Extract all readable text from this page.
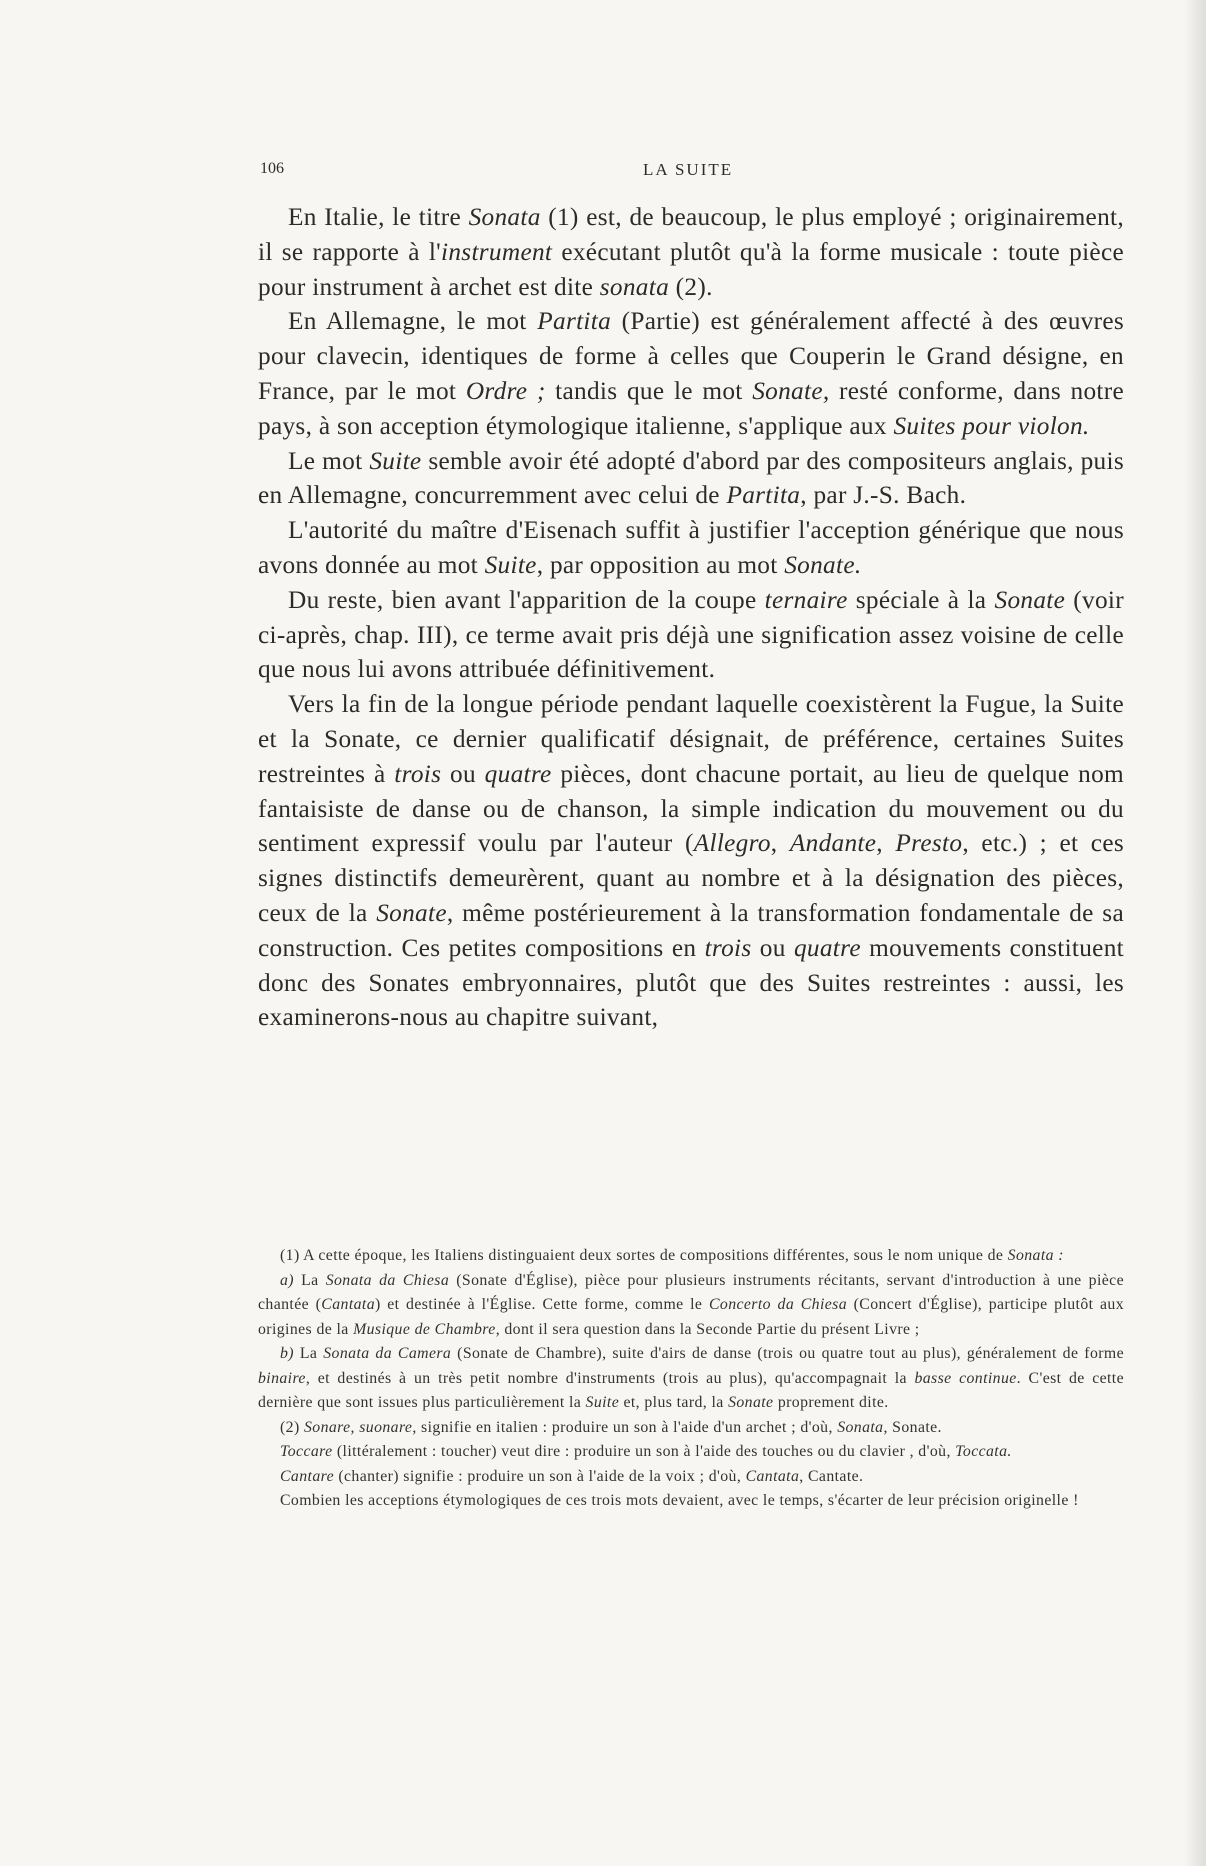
106	LA SUITE

En Italie, le titre Sonata (1) est, de beaucoup, le plus employé ; originairement, il se rapporte à l'instrument exécutant plutôt qu'à la forme musicale : toute pièce pour instrument à archet est dite sonata (2).

En Allemagne, le mot Partita (Partie) est généralement affecté à des œuvres pour clavecin, identiques de forme à celles que Couperin le Grand désigne, en France, par le mot Ordre ; tandis que le mot Sonate, resté conforme, dans notre pays, à son acception étymologique italienne, s'applique aux Suites pour violon.

Le mot Suite semble avoir été adopté d'abord par des compositeurs anglais, puis en Allemagne, concurremment avec celui de Partita, par J.-S. Bach.

L'autorité du maître d'Eisenach suffit à justifier l'acception générique que nous avons donnée au mot Suite, par opposition au mot Sonate.

Du reste, bien avant l'apparition de la coupe ternaire spéciale à la Sonate (voir ci-après, chap. III), ce terme avait pris déjà une signification assez voisine de celle que nous lui avons attribuée définitivement.

Vers la fin de la longue période pendant laquelle coexistèrent la Fugue, la Suite et la Sonate, ce dernier qualificatif désignait, de préférence, certaines Suites restreintes à trois ou quatre pièces, dont chacune portait, au lieu de quelque nom fantaisiste de danse ou de chanson, la simple indication du mouvement ou du sentiment expressif voulu par l'auteur (Allegro, Andante, Presto, etc.) ; et ces signes distinctifs demeurèrent, quant au nombre et à la désignation des pièces, ceux de la Sonate, même postérieurement à la transformation fondamentale de sa construction. Ces petites compositions en trois ou quatre mouvements constituent donc des Sonates embryonnaires, plutôt que des Suites restreintes : aussi, les examinerons-nous au chapitre suivant,

(1) A cette époque, les Italiens distinguaient deux sortes de compositions différentes, sous le nom unique de Sonata :

a) La Sonata da Chiesa (Sonate d'Église), pièce pour plusieurs instruments récitants, servant d'introduction à une pièce chantée (Cantata) et destinée à l'Église. Cette forme, comme le Concerto da Chiesa (Concert d'Église), participe plutôt aux origines de la Musique de Chambre, dont il sera question dans la Seconde Partie du présent Livre ;

b) La Sonata da Camera (Sonate de Chambre), suite d'airs de danse (trois ou quatre tout au plus), généralement de forme binaire, et destinés à un très petit nombre d'instruments (trois au plus), qu'accompagnait la basse continue. C'est de cette dernière que sont issues plus particulièrement la Suite et, plus tard, la Sonate proprement dite.

(2) Sonare, suonare, signifie en italien : produire un son à l'aide d'un archet ; d'où, Sonata, Sonate.

Toccare (littéralement : toucher) veut dire : produire un son à l'aide des touches ou du clavier , d'où, Toccata.

Cantare (chanter) signifie : produire un son à l'aide de la voix ; d'où, Cantata, Cantate.

Combien les acceptions étymologiques de ces trois mots devaient, avec le temps, s'écarter de leur précision originelle !
